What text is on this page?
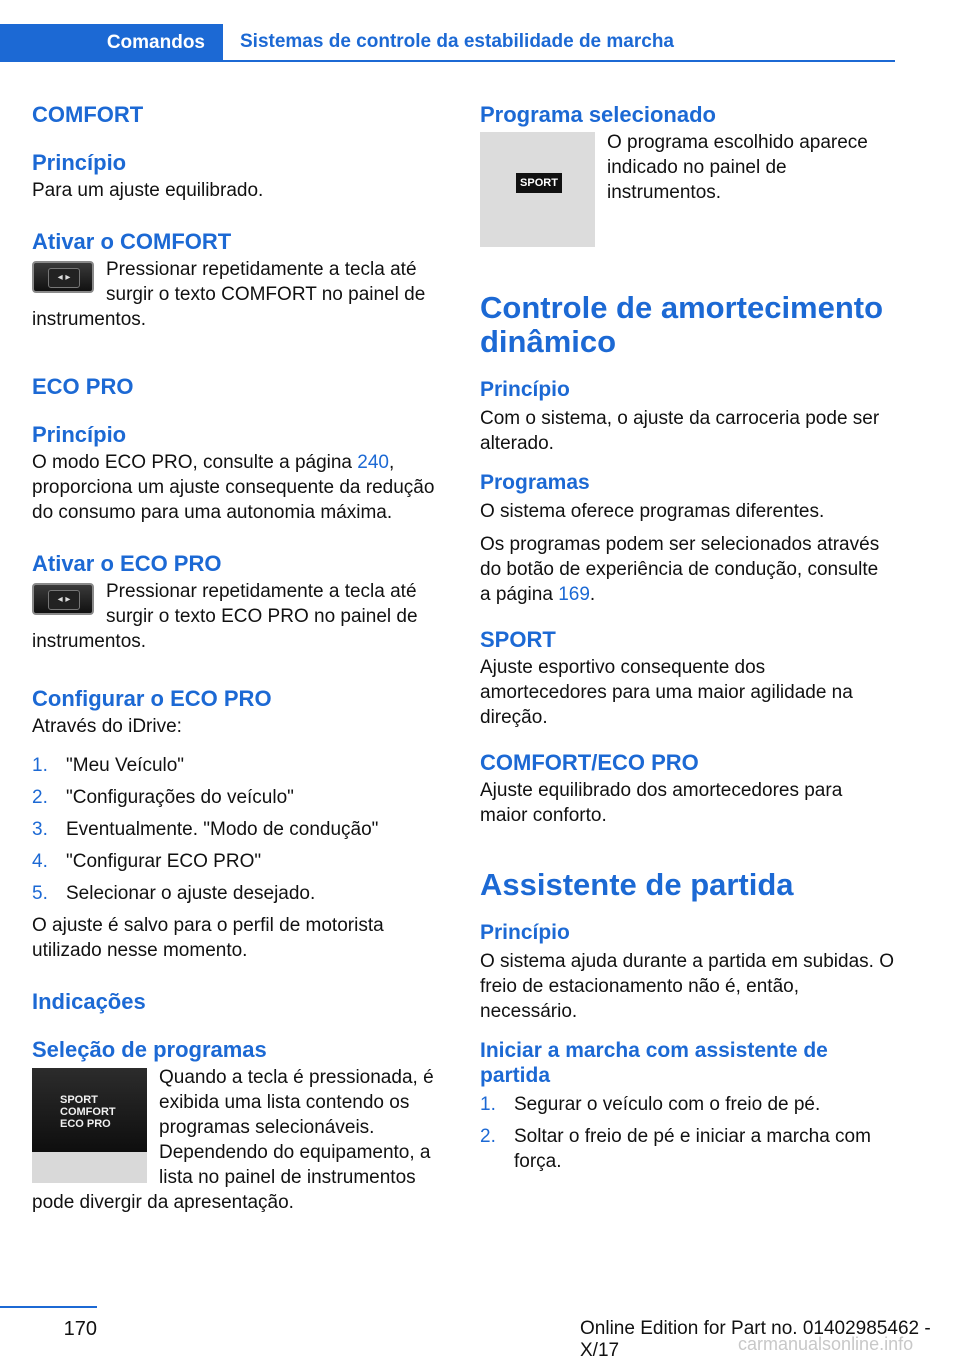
Comandos Sistemas de controle da estabilidade de marcha
COMFORT
Princípio

Para um ajuste equilibrado.

Ativar o COMFORT
◂ ▸	Pressionar repetidamente a tecla até surgir o texto COMFORT no painel de instrumentos.

ECO PRO
Princípio

O modo ECO PRO, consulte a página 240, proporciona um ajuste consequente da redução do consumo para uma autonomia máxima.

Ativar o ECO PRO
◂ ▸	Pressionar repetidamente a tecla até surgir o texto ECO PRO no painel de instrumentos.

Configurar o ECO PRO

Através do iDrive:

1. "Meu Veículo"
2. "Configurações do veículo"
3. Eventualmente. "Modo de condução"
4. "Configurar ECO PRO"
5. Selecionar o ajuste desejado.

O ajuste é salvo para o perfil de motorista utilizado nesse momento.

Indicações
Seleção de programas
SPORT
COMFORT
ECO PRO

Quando a tecla é pressionada, é exibida uma lista contendo os programas selecionáveis. Dependendo do equipamento, a lista no painel de instrumentos pode divergir da apresentação.

Programa selecionado
SPORT

O programa escolhido aparece indicado no painel de instrumentos.

Controle de amortecimento dinâmico
Princípio

Com o sistema, o ajuste da carroceria pode ser alterado.

Programas

O sistema oferece programas diferentes.

Os programas podem ser selecionados através do botão de experiência de condução, consulte a página 169.

SPORT

Ajuste esportivo consequente dos amortecedores para uma maior agilidade na direção.

COMFORT/ECO PRO

Ajuste equilibrado dos amortecedores para maior conforto.

Assistente de partida
Princípio

O sistema ajuda durante a partida em subidas. O freio de estacionamento não é, então, necessário.

Iniciar a marcha com assistente de partida
1. Segurar o veículo com o freio de pé.
2. Soltar o freio de pé e iniciar a marcha com força.
170	Online Edition for Part no. 01402985462 - X/17	carmanualsonline.info
